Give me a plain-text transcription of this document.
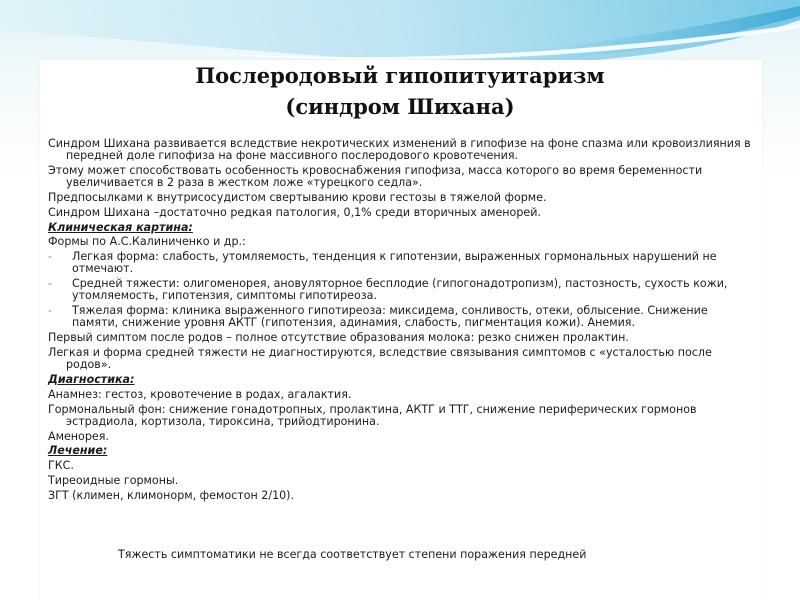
Послеродовый гипопитуитаризм
(синдром Шихана)
Синдром Шихана развивается вследствие некротических изменений в гипофизе на фоне спазма или кровоизлияния в передней доле гипофиза на фоне массивного послеродового кровотечения.
Этому может способствовать особенность кровоснабжения гипофиза, масса которого во время беременности увеличивается в 2 раза в жестком ложе «турецкого седла».
Предпосылками к внутрисосудистом свертыванию крови гестозы в тяжелой форме.
Синдром Шихана –достаточно редкая патология, 0,1% среди вторичных аменорей.
Клиническая картина:
Формы по А.С.Калиниченко и др.:
- Легкая форма: слабость, утомляемость, тенденция к гипотензии, выраженных гормональных нарушений не отмечают.
- Средней тяжести: олигоменорея, ановуляторное бесплодие (гипогонадотропизм), пастозность, сухость кожи, утомляемость, гипотензия, симптомы гипотиреоза.
- Тяжелая форма: клиника выраженного гипотиреоза: миксидема, сонливость, отеки, облысение. Снижение памяти, снижение уровня АКТГ (гипотензия, адинамия, слабость, пигментация кожи). Анемия.
Первый симптом после родов – полное отсутствие образования молока: резко снижен пролактин.
Легкая и форма средней тяжести не диагностируются, вследствие связывания симптомов с «усталостью после родов».
Диагностика:
Анамнез: гестоз, кровотечение в родах, агалактия.
Гормональный фон: снижение гонадотропных, пролактина, АКТГ и ТТГ, снижение периферических гормонов эстрадиола, кортизола, тироксина, трийодтиронина.
Аменорея.
Лечение:
ГКС.
Тиреоидные гормоны.
ЗГТ (климен, климонорм, фемостон 2/10).
Тяжесть симптоматики не всегда соответствует степени поражения передней
